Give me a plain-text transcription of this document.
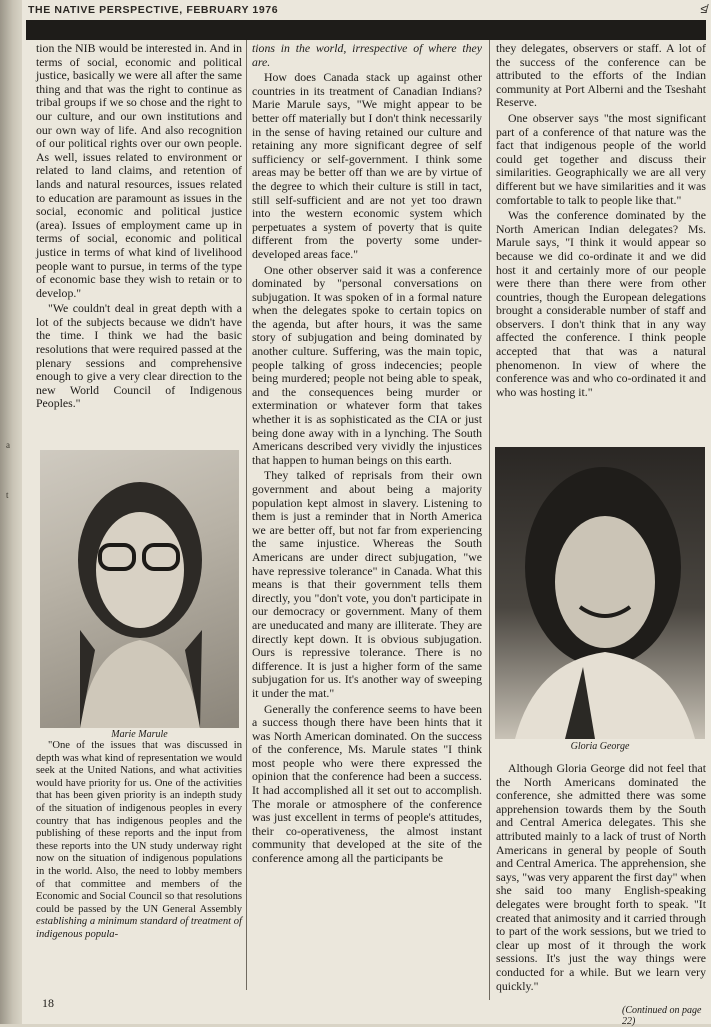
a
t
THE NATIVE PERSPECTIVE, FEBRUARY 1976	≰

tion the NIB would be interested in. And in terms of social, economic and political justice, basically we were all after the same thing and that was the right to continue as tribal groups if we so chose and the right to our culture, and our own institutions and our own way of life. And also recognition of our political rights over our own people. As well, issues related to environment or related to land claims, and retention of lands and natural resources, issues related to education are paramount as issues in the social, economic and political justice (area). Issues of employment came up in terms of social, economic and political justice in terms of what kind of livelihood people want to pursue, in terms of the type of economic base they wish to retain or to develop."

"We couldn't deal in great depth with a lot of the subjects because we didn't have the time. I think we had the basic resolutions that were required passed at the plenary sessions and comprehensive enough to give a very clear direction to the new World Council of Indigenous Peoples."

Marie Marule

"One of the issues that was discussed in depth was what kind of representation we would seek at the United Nations, and what activities would have priority for us. One of the activities that has been given priority is an indepth study of the situation of indigenous peoples in every country that has indigenous peoples and the publishing of these reports and the input from these reports into the UN study underway right now on the situation of indigenous populations in the world. Also, the need to lobby members of that committee and members of the Economic and Social Council so that resolutions could be passed by the UN General Assembly establishing a minimum standard of treatment of indigenous popula-

tions in the world, irrespective of where they are.

How does Canada stack up against other countries in its treatment of Canadian Indians? Marie Marule says, "We might appear to be better off materially but I don't think necessarily in the sense of having retained our culture and retaining any more significant degree of self sufficiency or self-government. I think some areas may be better off than we are by virtue of the degree to which their culture is still in tact, still self-sufficient and are not yet too drawn into the western economic system which perpetuates a system of poverty that is quite different from the poverty some under-developed areas face."

One other observer said it was a conference dominated by "personal conversations on subjugation. It was spoken of in a formal nature when the delegates spoke to certain topics on the agenda, but after hours, it was the same story of subjugation and being dominated by another culture. Suffering, was the main topic, people talking of gross indecencies; people being murdered; people not being able to speak, and the consequences being murder or extermination or whatever form that takes whether it is as sophisticated as the CIA or just being done away with in a lynching. The South Americans described very vividly the injustices that happen to human beings on this earth.

They talked of reprisals from their own government and about being a majority population kept almost in slavery. Listening to them is just a reminder that in North America we are better off, but not far from experiencing the same injustice. Whereas the South Americans are under direct subjugation, "we have repressive tolerance" in Canada. What this means is that their government tells them directly, you "don't vote, you don't participate in our democracy or government. Many of them are uneducated and many are illiterate. They are directly kept down. It is obvious subjugation. Ours is repressive tolerance. There is no difference. It is just a higher form of the same subjugation for us. It's another way of sweeping it under the mat."

Generally the conference seems to have been a success though there have been hints that it was North American dominated. On the success of the conference, Ms. Marule states "I think most people who were there expressed the opinion that the conference had been a success. It had accomplished all it set out to accomplish. The morale or atmosphere of the conference was just excellent in terms of people's attitudes, their co-operativeness, the almost instant community that developed at the site of the conference among all the participants be

they delegates, observers or staff. A lot of the success of the conference can be attributed to the efforts of the Indian community at Port Alberni and the Tseshaht Reserve.

One observer says "the most significant part of a conference of that nature was the fact that indigenous people of the world could get together and discuss their similarities. Geographically we are all very different but we have similarities and it was comfortable to talk to people like that."

Was the conference dominated by the North American Indian delegates? Ms. Marule says, "I think it would appear so because we did co-ordinate it and we did host it and certainly more of our people were there than there were from other countries, though the European delegations brought a considerable number of staff and observers. I don't think that in any way affected the conference. I think people accepted that that was a natural phenomenon. In view of where the conference was and who co-ordinated it and who was hosting it."

Gloria George

Although Gloria George did not feel that the North Americans dominated the conference, she admitted there was some apprehension towards them by the South and Central America delegates. This she attributed mainly to a lack of trust of North Americans in general by people of South and Central America. The apprehension, she says, "was very apparent the first day" when she said too many English-speaking delegates were brought forth to speak. "It created that animosity and it carried through to part of the work sessions, but we tried to clear up most of it through the work sessions. It's just the way things were conducted for a while. But we learn very quickly."

18
(Continued on page 22)
